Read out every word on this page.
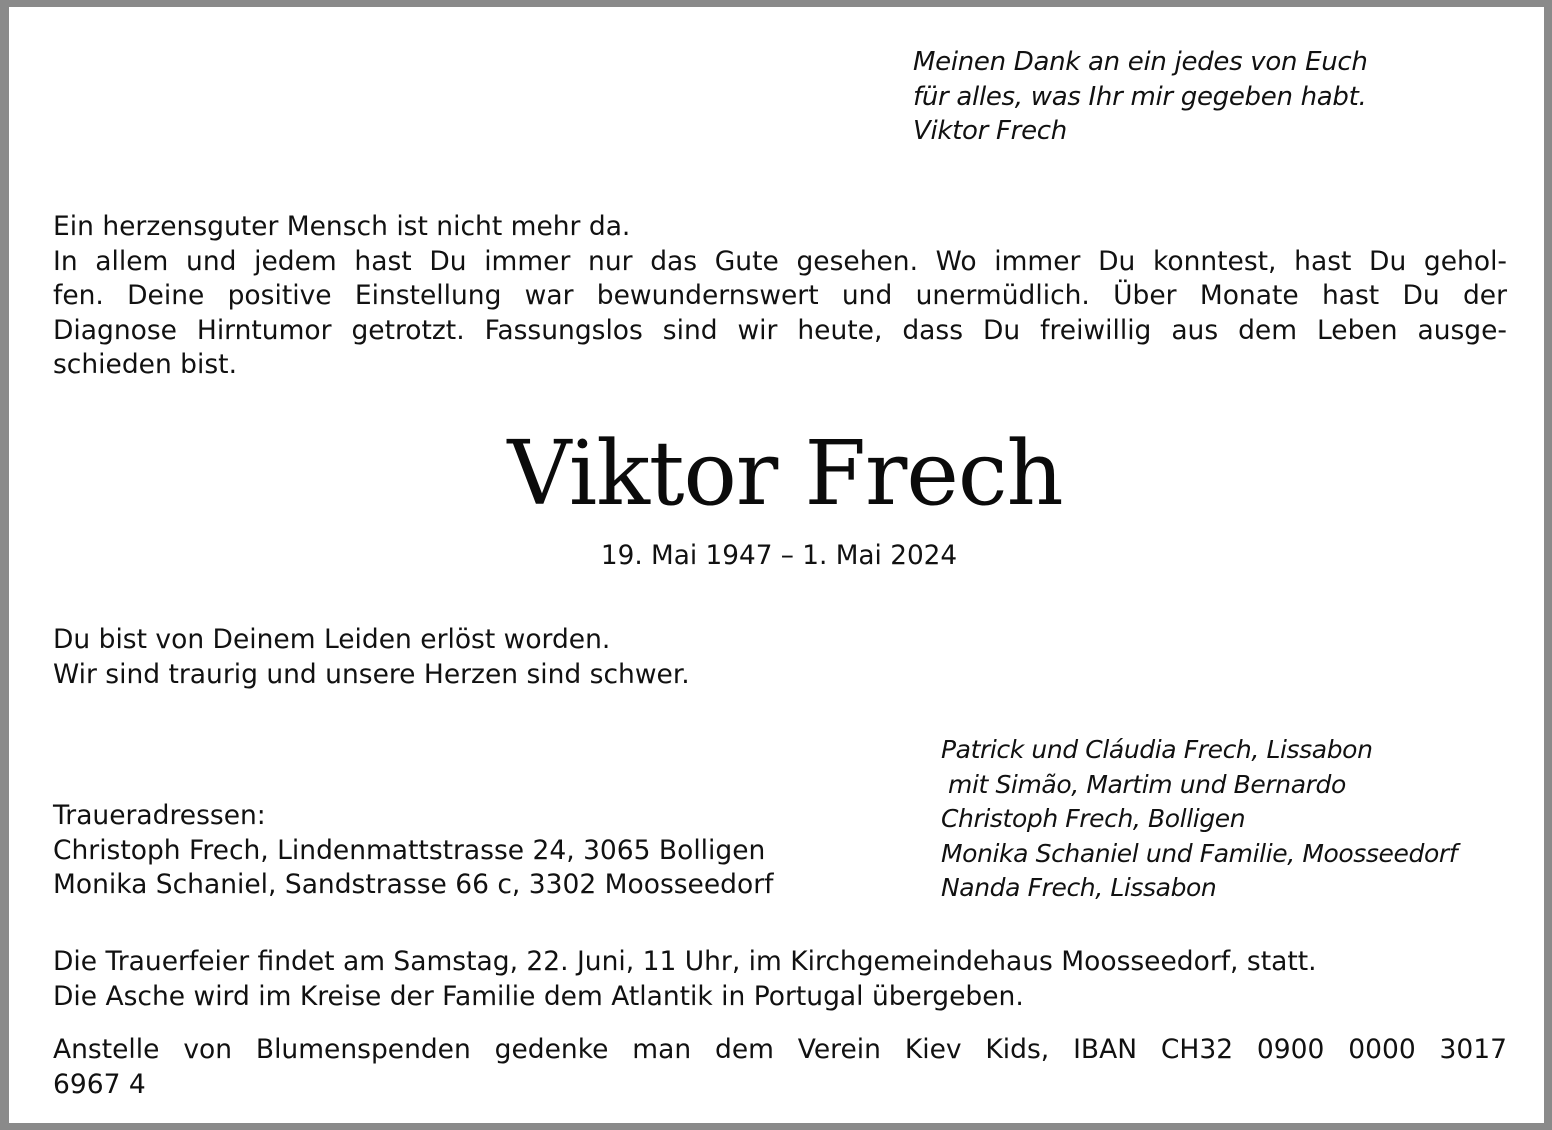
Meinen Dank an ein jedes von Euch
für alles, was Ihr mir gegeben habt.
Viktor Frech
Ein herzensguter Mensch ist nicht mehr da.
In allem und jedem hast Du immer nur das Gute gesehen. Wo immer Du konntest, hast Du gehol-
fen. Deine positive Einstellung war bewundernswert und unermüdlich. Über Monate hast Du der
Diagnose Hirntumor getrotzt. Fassungslos sind wir heute, dass Du freiwillig aus dem Leben ausge-
schieden bist.
Viktor Frech
19. Mai 1947 – 1. Mai 2024
Du bist von Deinem Leiden erlöst worden.
Wir sind traurig und unsere Herzen sind schwer.
Patrick und Cláudia Frech, Lissabon
mit Simão, Martim und Bernardo
Christoph Frech, Bolligen
Monika Schaniel und Familie, Moosseedorf
Nanda Frech, Lissabon
Traueradressen:
Christoph Frech, Lindenmattstrasse 24, 3065 Bolligen
Monika Schaniel, Sandstrasse 66 c, 3302 Moosseedorf
Die Trauerfeier findet am Samstag, 22. Juni, 11 Uhr, im Kirchgemeindehaus Moosseedorf, statt.
Die Asche wird im Kreise der Familie dem Atlantik in Portugal übergeben.
Anstelle von Blumenspenden gedenke man dem Verein Kiev Kids, IBAN CH32 0900 0000 3017
6967 4
